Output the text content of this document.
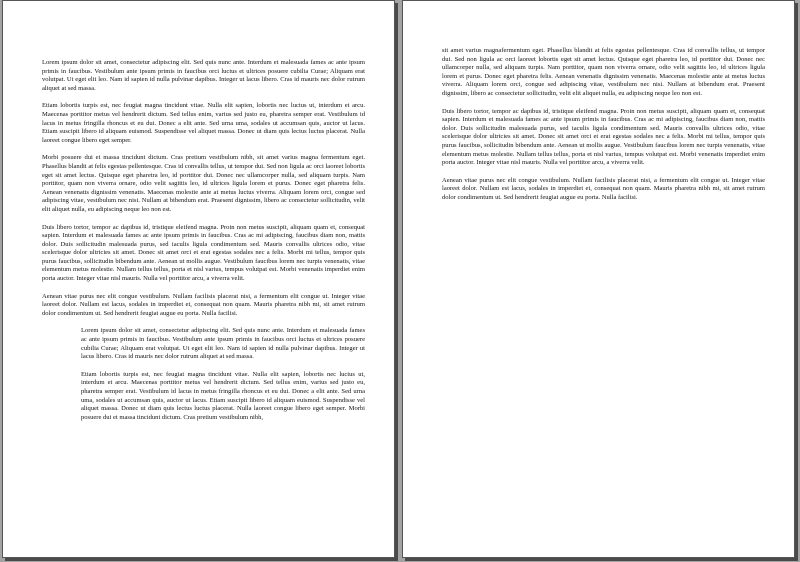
Lorem ipsum dolor sit amet, consectetur adipiscing elit. Sed quis nunc ante. Interdum et malesuada fames ac ante ipsum primis in faucibus. Vestibulum ante ipsum primis in faucibus orci luctus et ultrices posuere cubilia Curae; Aliquam erat volutpat. Ut eget elit leo. Nam id sapien id nulla pulvinar dapibus. Integer ut lacus libero. Cras id mauris nec dolor rutrum aliquet at sed massa.

Etiam lobortis turpis est, nec feugiat magna tincidunt vitae. Nulla elit sapien, lobortis nec luctus ut, interdum et arcu. Maecenas porttitor metus vel hendrerit dictum. Sed tellus enim, varius sed justo eu, pharetra semper erat. Vestibulum id lacus in metus fringilla rhoncus et eu dui. Donec a elit ante. Sed urna uma, sodales ut accumsan quis, auctor ut lacus. Etiam suscipit libero id aliquam euismod. Suspendisse vel aliquet massa. Donec ut diam quis lectus luctus placerat. Nulla laoreet congue libero eget semper.

Morbi posuere dui et massa tincidunt dictum. Cras pretium vestibulum nibh, sit amet varius magna fermentum eget. Phasellus blandit at felis egestas pellentesque. Cras id convallis tellus, ut tempor dui. Sed non ligula ac orci laoreet lobortis eget sit amet lectus. Quisque eget pharetra leo, id porttitor dui. Donec nec ullamcorper nulla, sed aliquam turpis. Nam porttitor, quam non viverra ornare, odio velit sagittis leo, id ultrices ligula lorem et purus. Donec eget pharetra felis. Aenean venenatis dignissim venenatis. Maecenas molestie ante at metus luctus viverra. Aliquam lorem orci, congue sed adipiscing vitae, vestibulum nec nisi. Nullam at bibendum erat. Praesent dignissim, libero ac consectetur sollicitudin, velit elit aliquet nulla, eu adipiscing neque leo non est.

Duis libero tortor, tempor ac dapibus id, tristique eleifend magna. Proin non metus suscipit, aliquam quam et, consequat sapien. Interdum et malesuada fames ac ante ipsum primis in faucibus. Cras ac mi adipiscing, faucibus diam non, mattis dolor. Duis sollicitudin malesuada purus, sed iaculis ligula condimentum sed. Mauris convallis ultrices odio, vitae scelerisque dolor ultricies sit amet. Donec sit amet orci et erat egestas sodales nec a felis. Morbi mi tellus, tempor quis purus faucibus, sollicitudin bibendum ante. Aenean ut mollis augue. Vestibulum faucibus lorem nec turpis venenatis, vitae elementum metus molestie. Nullam tellus tellus, porta et nisl varius, tempus volutpat est. Morbi venenatis imperdiet enim porta auctor. Integer vitae nisl mauris. Nulla vel porttitor arcu, a viverra velit.

Aenean vitae purus nec elit congue vestibulum. Nullam facilisis placerat nisi, a fermentum elit congue ut. Integer vitae laoreet dolor. Nullam est lacus, sodales in imperdiet et, consequat non quam. Mauris pharetra nibh mi, sit amet rutrum dolor condimentum ut. Sed hendrerit feugiat augue eu porta. Nulla facilisi.

Lorem ipsum dolor sit amet, consectetur adipiscing elit. Sed quis nunc ante. Interdum et malesuada fames ac ante ipsum primis in faucibus. Vestibulum ante ipsum primis in faucibus orci luctus et ultrices posuere cubilia Curae; Aliquam erat volutpat. Ut eget elit leo. Nam id sapien id nulla pulvinar dapibus. Integer ut lacus libero. Cras id mauris nec dolor rutrum aliquet at sed massa.

Etiam lobortis turpis est, nec feugiat magna tincidunt vitae. Nulla elit sapien, lobortis nec luctus ut, interdum et arcu. Maecenas porttitor metus vel hendrerit dictum. Sed tellus enim, varius sed justo eu, pharetra semper erat. Vestibulum id lacus in metus fringilla rhoncus et eu dui. Donec a elit ante. Sed urna uma, sodales ut accumsan quis, auctor ut lacus. Etiam suscipit libero id aliquam euismod. Suspendisse vel aliquet massa. Donec ut diam quis lectus luctus placerat. Nulla laoreet congue libero eget semper. Morbi posuere dui et massa tincidunt dictum. Cras pretium vestibulum nibh,

sit amet varius magnafermentum eget. Phasellus blandit at felis egestas pellentesque. Cras id convallis tellus, ut tempor dui. Sed non ligula ac orci laoreet lobortis eget sit amet lectus. Quisque eget pharetra leo, id porttitor dui. Donec nec ullamcorper nulla, sed aliquam turpis. Nam porttitor, quam non viverra ornare, odio velit sagittis leo, id ultrices ligula lorem et purus. Donec eget pharetra felis. Aenean venenatis dignissim venenatis. Maecenas molestie ante at metus luctus viverra. Aliquam lorem orci, congue sed adipiscing vitae, vestibulum nec nisi. Nullam at bibendum erat. Praesent dignissim, libero ac consectetur sollicitudin, velit elit aliquet nulla, eu adipiscing neque leo non est.

Duis libero tortor, tempor ac dapibus id, tristique eleifend magna. Proin non metus suscipit, aliquam quam et, consequat sapien. Interdum et malesuada fames ac ante ipsum primis in faucibus. Cras ac mi adipiscing, faucibus diam non, mattis dolor. Duis sollicitudin malesuada purus, sed iaculis ligula condimentum sed. Mauris convallis ultrices odio, vitae scelerisque dolor ultricies sit amet. Donec sit amet orci et erat egestas sodales nec a felis. Morbi mi tellus, tempor quis purus faucibus, sollicitudin bibendum ante. Aenean ut mollis augue. Vestibulum faucibus lorem nec turpis venenatis, vitae elementum metus molestie. Nullam tellus tellus, porta et nisl varius, tempus volutpat est. Morbi venenatis imperdiet enim porta auctor. Integer vitae nisl mauris. Nulla vel porttitor arcu, a viverra velit.

Aenean vitae purus nec elit congue vestibulum. Nullam facilisis placerat nisi, a fermentum elit congue ut. Integer vitae laoreet dolor. Nullam est lacus, sodales in imperdiet et, consequat non quam. Mauris pharetra nibh mi, sit amet rutrum dolor condimentum ut. Sed hendrerit feugiat augue eu porta. Nulla facilisi.
